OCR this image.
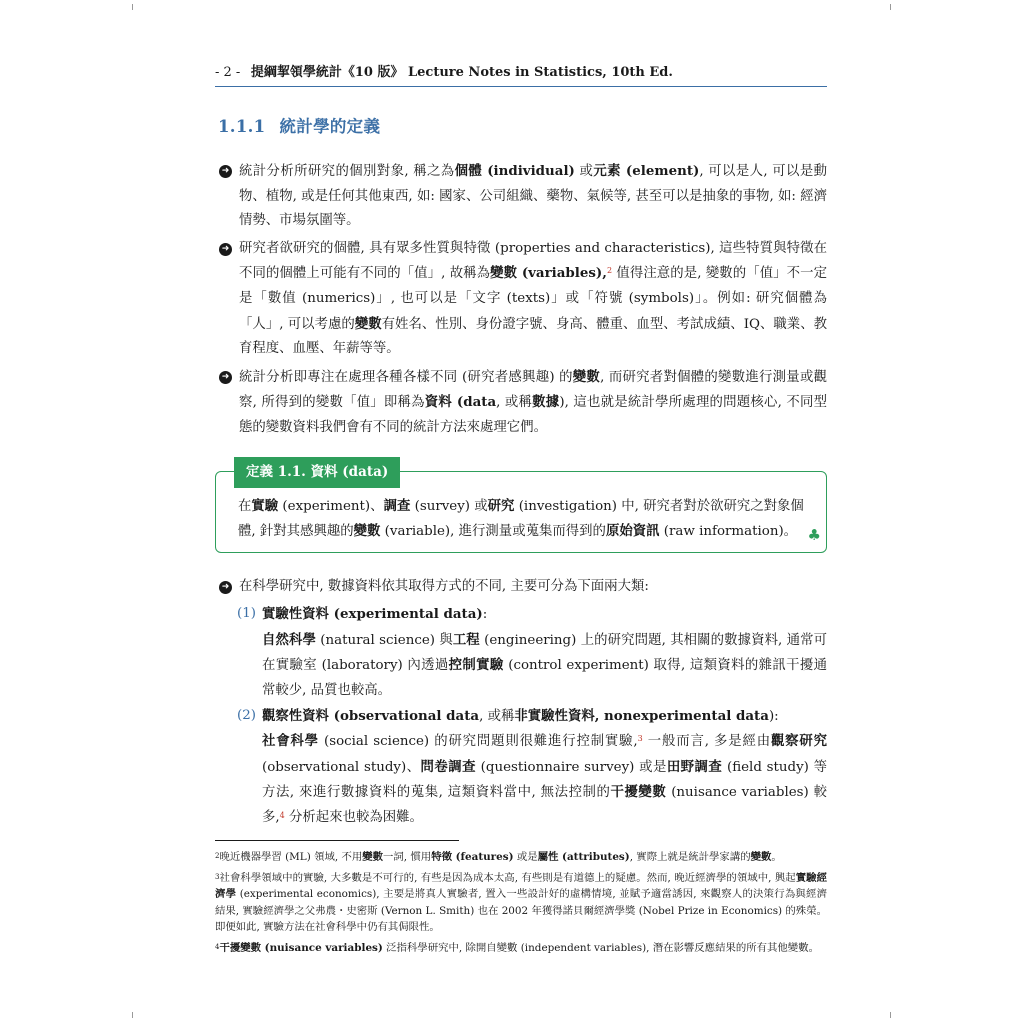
- 2 - 提綱挈領學統計《10 版》 Lecture Notes in Statistics, 10th Ed.
1.1.1 統計學的定義
➜ 統計分析所研究的個別對象, 稱之為個體 (individual) 或元素 (element), 可以是人, 可以是動物、植物, 或是任何其他東西, 如: 國家、公司組織、藥物、氣候等, 甚至可以是抽象的事物, 如: 經濟情勢、市場氛圍等。
➜ 研究者欲研究的個體, 具有眾多性質與特徵 (properties and characteristics), 這些特質與特徵在不同的個體上可能有不同的「值」, 故稱為變數 (variables),$^2$ 值得注意的是, 變數的「值」不一定是「數值 (numerics)」, 也可以是「文字 (texts)」或「符號 (symbols)」。例如: 研究個體為「人」, 可以考慮的變數有姓名、性別、身份證字號、身高、體重、血型、考試成績、IQ、職業、教育程度、血壓、年薪等等。
➜ 統計分析即專注在處理各種各樣不同 (研究者感興趣) 的變數, 而研究者對個體的變數進行測量或觀察, 所得到的變數「值」即稱為資料 (data, 或稱數據), 這也就是統計學所處理的問題核心, 不同型態的變數資料我們會有不同的統計方法來處理它們。
定義 1.1. 資料 (data)
在實驗 (experiment)、調查 (survey) 或研究 (investigation) 中, 研究者對於欲研究之對象個體, 針對其感興趣的變數 (variable), 進行測量或蒐集而得到的原始資訊 (raw information)。 ♣
➜ 在科學研究中, 數據資料依其取得方式的不同, 主要可分為下面兩大類:
(1) 實驗性資料 (experimental data):
自然科學 (natural science) 與工程 (engineering) 上的研究問題, 其相關的數據資料, 通常可在實驗室 (laboratory) 內透過控制實驗 (control experiment) 取得, 這類資料的雜訊干擾通常較少, 品質也較高。
(2) 觀察性資料 (observational data, 或稱非實驗性資料, nonexperimental data):
社會科學 (social science) 的研究問題則很難進行控制實驗,$^3$ 一般而言, 多是經由觀察研究 (observational study)、問卷調查 (questionnaire survey) 或是田野調查 (field study) 等方法, 來進行數據資料的蒐集, 這類資料當中, 無法控制的干擾變數 (nuisance variables) 較多,$^4$ 分析起來也較為困難。
$^2$晚近機器學習 (ML) 領域, 不用變數一詞, 慣用特徵 (features) 或是屬性 (attributes), 實際上就是統計學家講的變數。
$^3$社會科學領域中的實驗, 大多數是不可行的, 有些是因為成本太高, 有些則是有道德上的疑慮。然而, 晚近經濟學的領域中, 興起實驗經濟學 (experimental economics), 主要是將真人實驗者, 置入一些設計好的虛構情境, 並賦予適當誘因, 來觀察人的決策行為與經濟結果, 實驗經濟學之父弗農・史密斯 (Vernon L. Smith) 也在 2002 年獲得諾貝爾經濟學獎 (Nobel Prize in Economics) 的殊榮。即便如此, 實驗方法在社會科學中仍有其侷限性。
$^4$干擾變數 (nuisance variables) 泛指科學研究中, 除開自變數 (independent variables), 潛在影響反應結果的所有其他變數。
